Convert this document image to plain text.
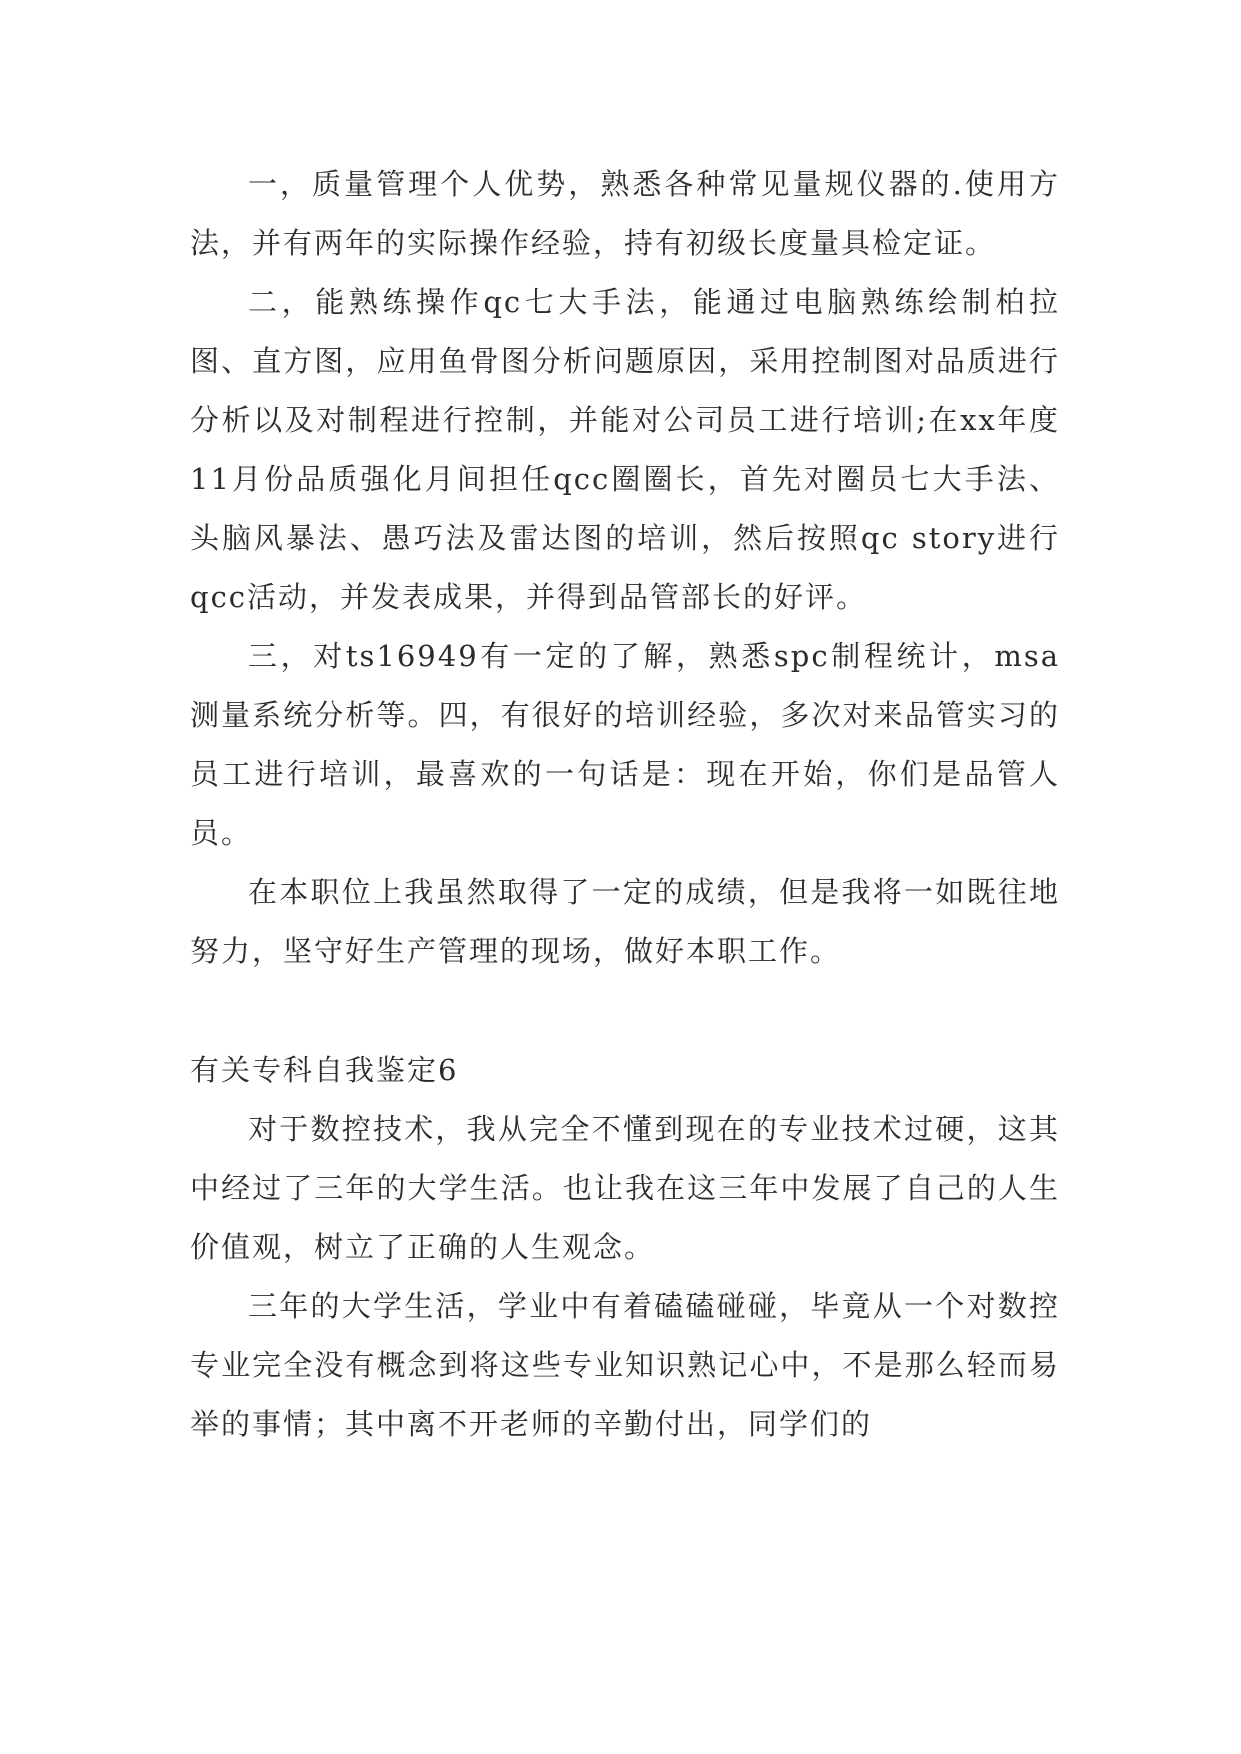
一，质量管理个人优势，熟悉各种常见量规仪器的.使用方法，并有两年的实际操作经验，持有初级长度量具检定证。

二，能熟练操作qc七大手法，能通过电脑熟练绘制柏拉图、直方图，应用鱼骨图分析问题原因，采用控制图对品质进行分析以及对制程进行控制，并能对公司员工进行培训;在xx年度11月份品质强化月间担任qcc圈圈长，首先对圈员七大手法、头脑风暴法、愚巧法及雷达图的培训，然后按照qc story进行qcc活动，并发表成果，并得到品管部长的好评。

三，对ts16949有一定的了解，熟悉spc制程统计，msa测量系统分析等。四，有很好的培训经验，多次对来品管实习的员工进行培训，最喜欢的一句话是：现在开始，你们是品管人员。

在本职位上我虽然取得了一定的成绩，但是我将一如既往地努力，坚守好生产管理的现场，做好本职工作。

有关专科自我鉴定6

对于数控技术，我从完全不懂到现在的专业技术过硬，这其中经过了三年的大学生活。也让我在这三年中发展了自己的人生价值观，树立了正确的人生观念。

三年的大学生活，学业中有着磕磕碰碰，毕竟从一个对数控专业完全没有概念到将这些专业知识熟记心中，不是那么轻而易举的事情；其中离不开老师的辛勤付出，同学们的
